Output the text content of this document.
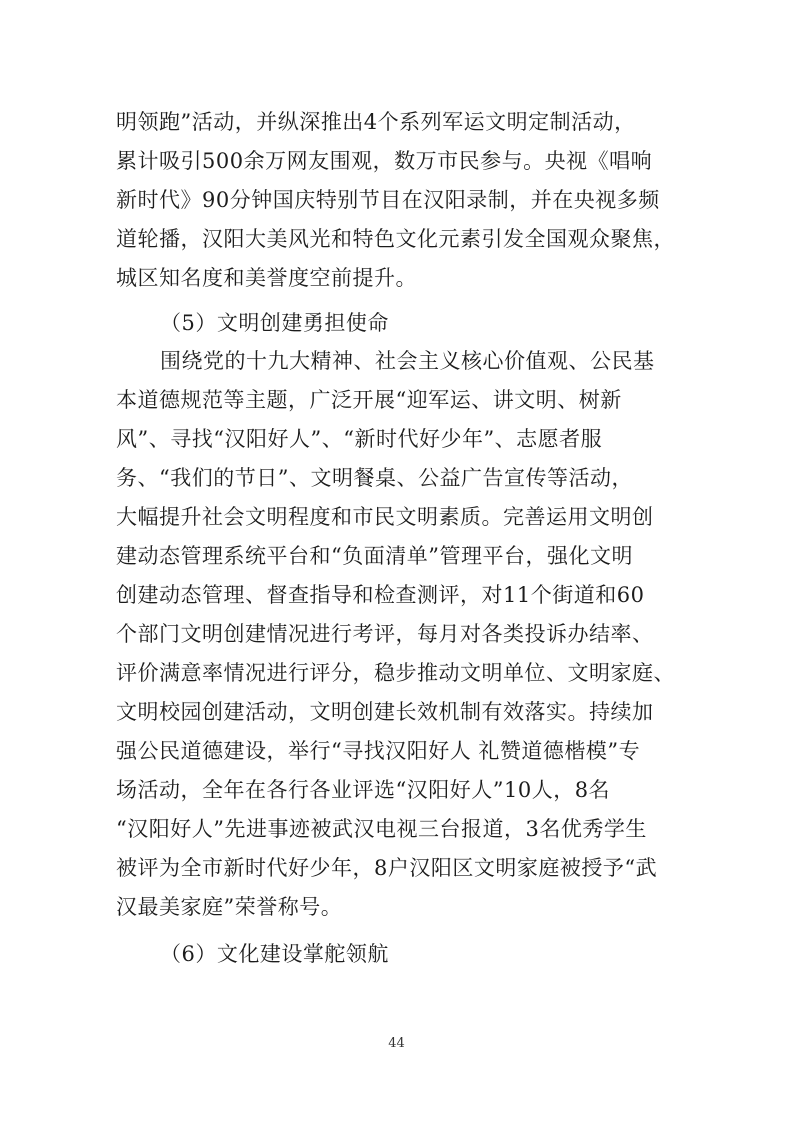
明领跑”活动，并纵深推出4个系列军运文明定制活动，
累计吸引500余万网友围观，数万市民参与。央视《唱响
新时代》90分钟国庆特别节目在汉阳录制，并在央视多频
道轮播，汉阳大美风光和特色文化元素引发全国观众聚焦，
城区知名度和美誉度空前提升。
（5）文明创建勇担使命
围绕党的十九大精神、社会主义核心价值观、公民基
本道德规范等主题，广泛开展“迎军运、讲文明、树新
风”、寻找“汉阳好人”、“新时代好少年”、志愿者服
务、“我们的节日”、文明餐桌、公益广告宣传等活动，
大幅提升社会文明程度和市民文明素质。完善运用文明创
建动态管理系统平台和“负面清单”管理平台，强化文明
创建动态管理、督查指导和检查测评，对11个街道和60
个部门文明创建情况进行考评，每月对各类投诉办结率、
评价满意率情况进行评分，稳步推动文明单位、文明家庭、
文明校园创建活动，文明创建长效机制有效落实。持续加
强公民道德建设，举行“寻找汉阳好人 礼赞道德楷模”专
场活动，全年在各行各业评选“汉阳好人”10人，8名
“汉阳好人”先进事迹被武汉电视三台报道，3名优秀学生
被评为全市新时代好少年，8户汉阳区文明家庭被授予“武
汉最美家庭”荣誉称号。
（6）文化建设掌舵领航
44
